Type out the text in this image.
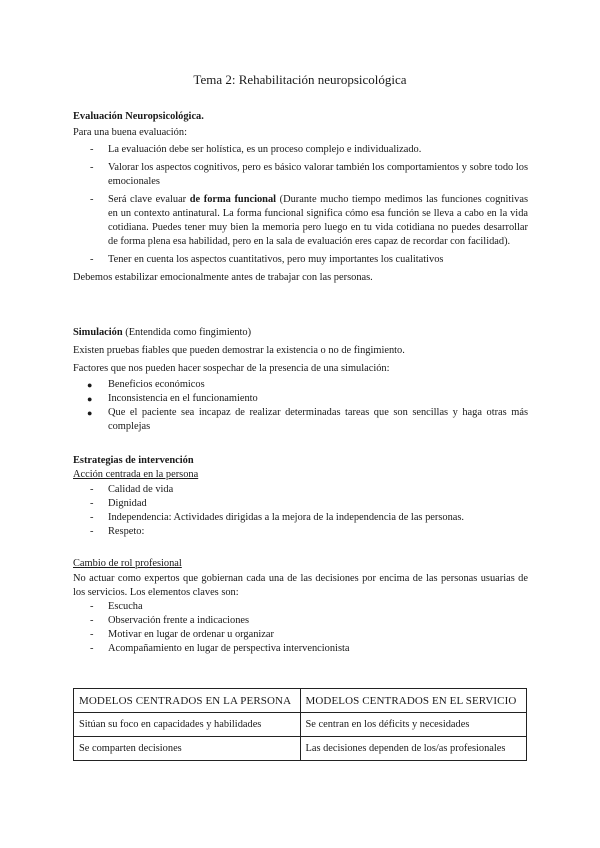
Tema 2: Rehabilitación neuropsicológica

Evaluación Neuropsicológica.

Para una buena evaluación:

- La evaluación debe ser holística, es un proceso complejo e individualizado.
- Valorar los aspectos cognitivos, pero es básico valorar también los comportamientos y sobre todo los emocionales
- Será clave evaluar de forma funcional (Durante mucho tiempo medimos las funciones cognitivas en un contexto antinatural. La forma funcional significa cómo esa función se lleva a cabo en la vida cotidiana. Puedes tener muy bien la memoria pero luego en tu vida cotidiana no puedes desarrollar de forma plena esa habilidad, pero en la sala de evaluación eres capaz de recordar con facilidad).
- Tener en cuenta los aspectos cuantitativos, pero muy importantes los cualitativos

Debemos estabilizar emocionalmente antes de trabajar con las personas.

Simulación (Entendida como fingimiento)

Existen pruebas fiables que pueden demostrar la existencia o no de fingimiento.

Factores que nos pueden hacer sospechar de la presencia de una simulación:

● Beneficios económicos
● Inconsistencia en el funcionamiento
● Que el paciente sea incapaz de realizar determinadas tareas que son sencillas y haga otras más complejas

Estrategias de intervención

Acción centrada en la persona

- Calidad de vida
- Dignidad
- Independencia: Actividades dirigidas a la mejora de la independencia de las personas.
- Respeto:

Cambio de rol profesional

No actuar como expertos que gobiernan cada una de las decisiones por encima de las personas usuarias de los servicios. Los elementos claves son:

- Escucha
- Observación frente a indicaciones
- Motivar en lugar de ordenar u organizar
- Acompañamiento en lugar de perspectiva intervencionista
MODELOS CENTRADOS EN LA PERSONA	MODELOS CENTRADOS EN EL SERVICIO
Sitúan su foco en capacidades y habilidades	Se centran en los déficits y necesidades
Se comparten decisiones	Las decisiones dependen de los/as profesionales
